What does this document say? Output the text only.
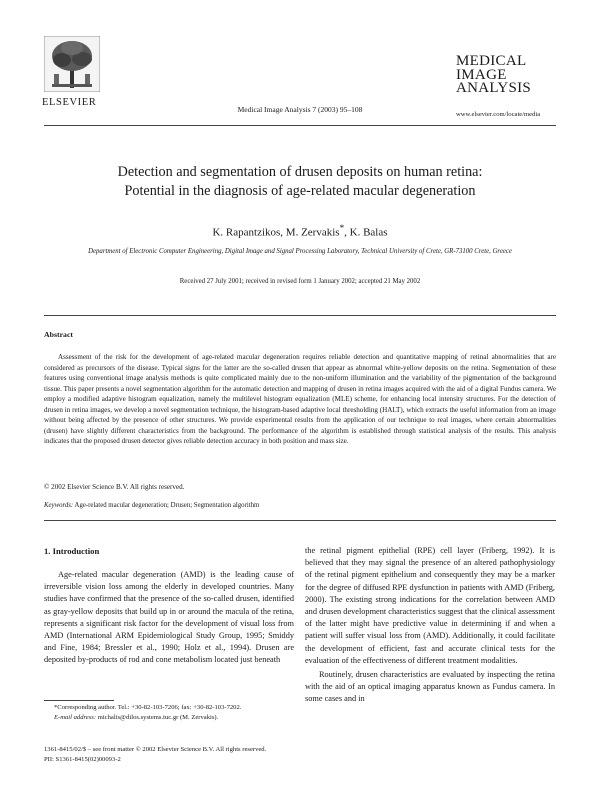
ELSEVIER
Medical Image Analysis 7 (2003) 95–108
MEDICAL
IMAGE
ANALYSIS
www.elsevier.com/locate/media
Detection and segmentation of drusen deposits on human retina:
Potential in the diagnosis of age-related macular degeneration
K. Rapantzikos, M. Zervakis*, K. Balas
Department of Electronic Computer Engineering, Digital Image and Signal Processing Laboratory, Technical University of Crete, GR-73100 Crete, Greece
Received 27 July 2001; received in revised form 1 January 2002; accepted 21 May 2002
Abstract
Assessment of the risk for the development of age-related macular degeneration requires reliable detection and quantitative mapping of retinal abnormalities that are considered as precursors of the disease. Typical signs for the latter are the so-called drusen that appear as abnormal white-yellow deposits on the retina. Segmentation of these features using conventional image analysis methods is quite complicated mainly due to the non-uniform illumination and the variability of the pigmentation of the background tissue. This paper presents a novel segmentation algorithm for the automatic detection and mapping of drusen in retina images acquired with the aid of a digital Fundus camera. We employ a modified adaptive histogram equalization, namely the multilevel histogram equalization (MLE) scheme, for enhancing local intensity structures. For the detection of drusen in retina images, we develop a novel segmentation technique, the histogram-based adaptive local thresholding (HALT), which extracts the useful information from an image without being affected by the presence of other structures. We provide experimental results from the application of our technique to real images, where certain abnormalities (drusen) have slightly different characteristics from the background. The performance of the algorithm is established through statistical analysis of the results. This analysis indicates that the proposed drusen detector gives reliable detection accuracy in both position and mass size.
© 2002 Elsevier Science B.V. All rights reserved.
Keywords: Age-related macular degeneration; Drusen; Segmentation algorithm
1. Introduction

Age-related macular degeneration (AMD) is the leading cause of irreversible vision loss among the elderly in developed countries. Many studies have confirmed that the presence of the so-called drusen, identified as gray-yellow deposits that build up in or around the macula of the retina, represents a significant risk factor for the development of visual loss from AMD (International ARM Epidemiological Study Group, 1995; Smiddy and Fine, 1984; Bressler et al., 1990; Holz et al., 1994). Drusen are deposited by-products of rod and cone metabolism located just beneath

the retinal pigment epithelial (RPE) cell layer (Friberg, 1992). It is believed that they may signal the presence of an altered pathophysiology of the retinal pigment epithelium and consequently they may be a marker for the degree of diffused RPE dysfunction in patients with AMD (Friberg, 2000). The existing strong indications for the correlation between AMD and drusen development characteristics suggest that the clinical assessment of the latter might have predictive value in determining if and when a patient will suffer visual loss from (AMD). Additionally, it could facilitate the development of efficient, fast and accurate clinical tests for the evaluation of the effectiveness of different treatment modalities.

Routinely, drusen characteristics are evaluated by inspecting the retina with the aid of an optical imaging apparatus known as Fundus camera. In some cases and in

*Corresponding author. Tel.: +30-82-103-7206; fax: +30-82-103-7202.

E-mail address: michalis@dilos.systems.tuc.gr (M. Zervakis).

1361-8415/02/$ – see front matter © 2002 Elsevier Science B.V. All rights reserved.

PII: S1361-8415(02)00093-2
